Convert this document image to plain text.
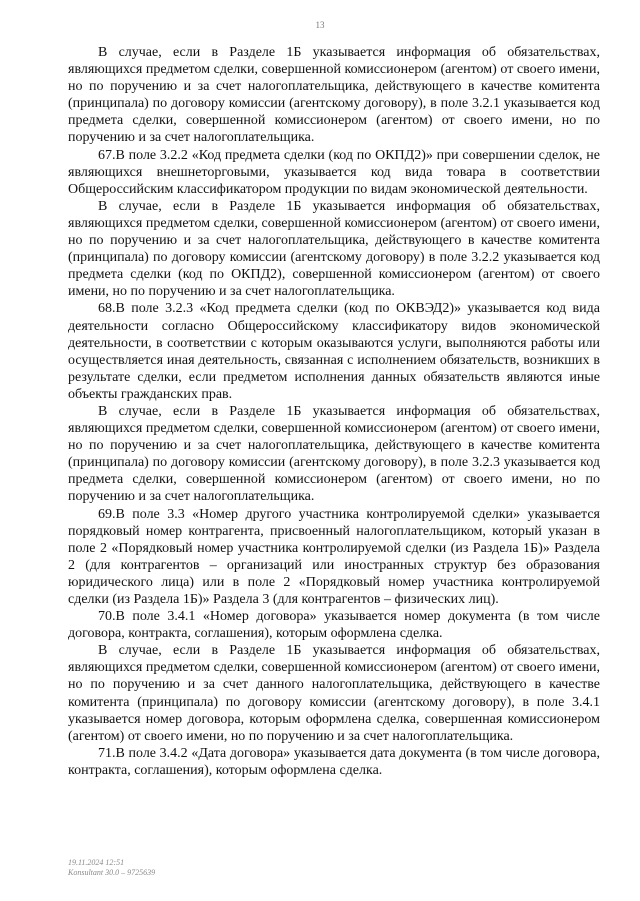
13

В случае, если в Разделе 1Б указывается информация об обязательствах, являющихся предметом сделки, совершенной комиссионером (агентом) от своего имени, но по поручению и за счет налогоплательщика, действующего в качестве комитента (принципала) по договору комиссии (агентскому договору), в поле 3.2.1 указывается код предмета сделки, совершенной комиссионером (агентом) от своего имени, но по поручению и за счет налогоплательщика.

67.В поле 3.2.2 «Код предмета сделки (код по ОКПД2)» при совершении сделок, не являющихся внешнеторговыми, указывается код вида товара в соответствии Общероссийским классификатором продукции по видам экономической деятельности.

В случае, если в Разделе 1Б указывается информация об обязательствах, являющихся предметом сделки, совершенной комиссионером (агентом) от своего имени, но по поручению и за счет налогоплательщика, действующего в качестве комитента (принципала) по договору комиссии (агентскому договору) в поле 3.2.2 указывается код предмета сделки (код по ОКПД2), совершенной комиссионером (агентом) от своего имени, но по поручению и за счет налогоплательщика.

68.В поле 3.2.3 «Код предмета сделки (код по ОКВЭД2)» указывается код вида деятельности согласно Общероссийскому классификатору видов экономической деятельности, в соответствии с которым оказываются услуги, выполняются работы или осуществляется иная деятельность, связанная с исполнением обязательств, возникших в результате сделки, если предметом исполнения данных обязательств являются иные объекты гражданских прав.

В случае, если в Разделе 1Б указывается информация об обязательствах, являющихся предметом сделки, совершенной комиссионером (агентом) от своего имени, но по поручению и за счет налогоплательщика, действующего в качестве комитента (принципала) по договору комиссии (агентскому договору), в поле 3.2.3 указывается код предмета сделки, совершенной комиссионером (агентом) от своего имени, но по поручению и за счет налогоплательщика.

69.В поле 3.3 «Номер другого участника контролируемой сделки» указывается порядковый номер контрагента, присвоенный налогоплательщиком, который указан в поле 2 «Порядковый номер участника контролируемой сделки (из Раздела 1Б)» Раздела 2 (для контрагентов – организаций или иностранных структур без образования юридического лица) или в поле 2 «Порядковый номер участника контролируемой сделки (из Раздела 1Б)» Раздела 3 (для контрагентов – физических лиц).

70.В поле 3.4.1 «Номер договора» указывается номер документа (в том числе договора, контракта, соглашения), которым оформлена сделка.

В случае, если в Разделе 1Б указывается информация об обязательствах, являющихся предметом сделки, совершенной комиссионером (агентом) от своего имени, но по поручению и за счет данного налогоплательщика, действующего в качестве комитента (принципала) по договору комиссии (агентскому договору), в поле 3.4.1 указывается номер договора, которым оформлена сделка, совершенная комиссионером (агентом) от своего имени, но по поручению и за счет налогоплательщика.

71.В поле 3.4.2 «Дата договора» указывается дата документа (в том числе договора, контракта, соглашения), которым оформлена сделка.

19.11.2024 12:51
Konsultant 30.0 – 9725639
